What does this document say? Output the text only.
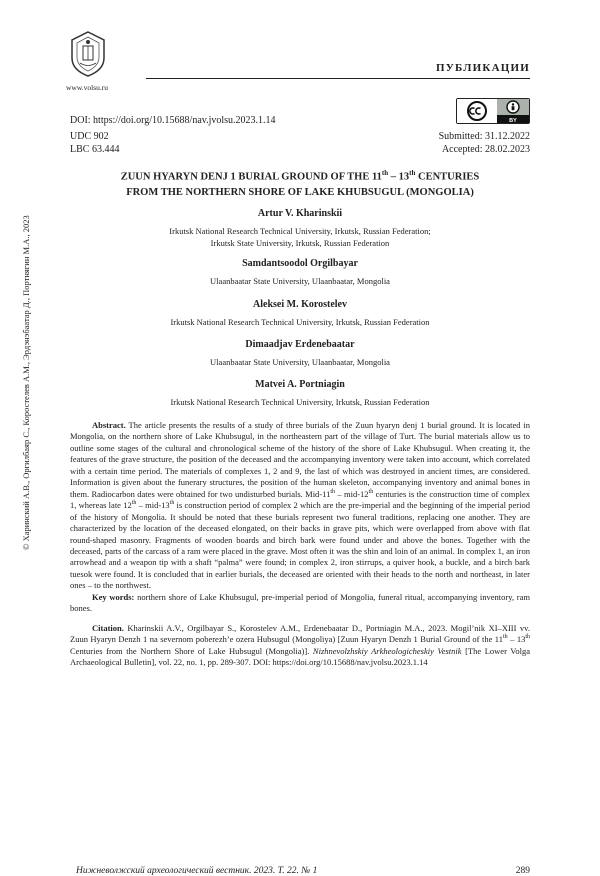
www.volsu.ru
ПУБЛИКАЦИИ
BY
DOI: https://doi.org/10.15688/nav.jvolsu.2023.1.14
UDC 902
LBC 63.444
Submitted: 31.12.2022
Accepted: 28.02.2023
ZUUN HYARYN DENJ 1 BURIAL GROUND OF THE 11th – 13th CENTURIES
FROM THE NORTHERN SHORE OF LAKE KHUBSUGUL (MONGOLIA)
Artur V. Kharinskii
Irkutsk National Research Technical University, Irkutsk, Russian Federation;
Irkutsk State University, Irkutsk, Russian Federation
Samdantsoodol Orgilbayar
Ulaanbaatar State University, Ulaanbaatar, Mongolia
Aleksei M. Korostelev
Irkutsk National Research Technical University, Irkutsk, Russian Federation
Dimaadjav Erdenebaatar
Ulaanbaatar State University, Ulaanbaatar, Mongolia
Matvei A. Portniagin
Irkutsk National Research Technical University, Irkutsk, Russian Federation

Abstract. The article presents the results of a study of three burials of the Zuun hyaryn denj 1 burial ground. It is located in Mongolia, on the northern shore of Lake Khubsugul, in the northeastern part of the village of Turt. The burial materials allow us to outline some stages of the cultural and chronological scheme of the history of the shore of Lake Khubsugul. When creating it, the features of the grave structure, the position of the deceased and the accompanying inventory were taken into account, which correlated with a certain time period. The materials of complexes 1, 2 and 9, the last of which was destroyed in ancient times, are considered. Information is given about the funerary structures, the position of the human skeleton, accompanying inventory and animal bones in them. Radiocarbon dates were obtained for two undisturbed burials. Mid-11th – mid-12th centuries is the construction time of complex 1, whereas late 12th – mid-13th is construction period of complex 2 which are the pre-imperial and the beginning of the imperial period of the history of Mongolia. It should be noted that these burials represent two funeral traditions, replacing one another. They are characterized by the location of the deceased elongated, on their backs in grave pits, which were overlapped from above with flat round-shaped masonry. Fragments of wooden boards and birch bark were found under and above the bones. Together with the deceased, parts of the carcass of a ram were placed in the grave. Most often it was the shin and loin of an animal. In complex 1, an iron arrowhead and a weapon tip with a shaft “palma” were found; in complex 2, iron stirrups, a quiver hook, a buckle, and a birch bark tuesok were found. It is concluded that in earlier burials, the deceased are oriented with their heads to the north and northeast, in later ones – to the northwest.

Key words: northern shore of Lake Khubsugul, pre-imperial period of Mongolia, funeral ritual, accompanying inventory, ram bones.

Citation. Kharinskii A.V., Orgilbayar S., Korostelev A.M., Erdenebaatar D., Portniagin M.A., 2023. Mogil’nik XI–XIII vv. Zuun Hyaryn Denzh 1 na severnom poberezh’e ozera Hubsugul (Mongoliya) [Zuun Hyaryn Denzh 1 Burial Ground of the 11th – 13th Centuries from the Northern Shore of Lake Hubsugul (Mongolia)]. Nizhnevolzhskiy Arkheologicheskiy Vestnik [The Lower Volga Archaeological Bulletin], vol. 22, no. 1, pp. 289-307. DOI: https://doi.org/10.15688/nav.jvolsu.2023.1.14

© Харинский А.В., Оргилбаяр С., Коростелев А.М., Эрдэнэбаатар Д., Портнягин М.А., 2023
Нижневолжский археологический вестник. 2023. Т. 22. № 1	289
